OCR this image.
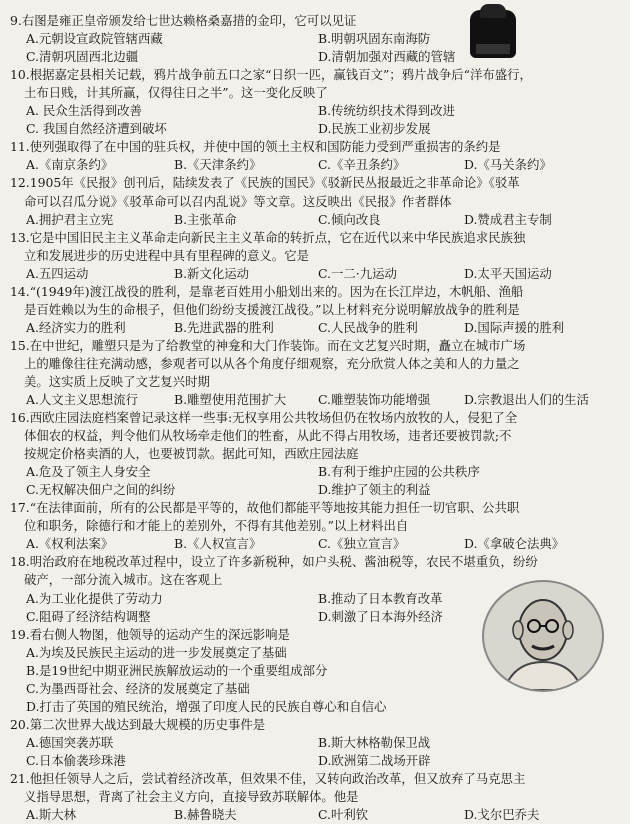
9.右图是雍正皇帝颁发给七世达赖格桑嘉措的金印，它可以见证
A.元朝设宣政院管辖西藏	B.明朝巩固东南海防
C.清朝巩固西北边疆	D.清朝加强对西藏的管辖
10.根据嘉定县相关记载，鸦片战争前五口之家“日织一匹，赢钱百文”；鸦片战争后“洋布盛行，
土布日贱，计其所赢，仅得往日之半”。这一变化反映了
A. 民众生活得到改善	B.传统纺织技术得到改进
C. 我国自然经济遭到破坏	D.民族工业初步发展
11.使列强取得了在中国的驻兵权，并使中国的领土主权和国防能力受到严重损害的条约是
A.《南京条约》	B.《天津条约》	C.《辛丑条约》	D.《马关条约》
12.1905年《民报》创刊后，陆续发表了《民族的国民》《驳新民丛报最近之非革命论》《驳革
命可以召瓜分说》《驳革命可以召内乱说》等文章。这反映出《民报》作者群体
A.拥护君主立宪	B.主张革命	C.倾向改良	D.赞成君主专制
13.它是中国旧民主主义革命走向新民主主义革命的转折点，它在近代以来中华民族追求民族独
立和发展进步的历史进程中具有里程碑的意义。它是
A.五四运动	B.新文化运动	C.一二·九运动	D.太平天国运动
14.“(1949年)渡江战役的胜利，是靠老百姓用小船划出来的。因为在长江岸边，木帆船、渔船
是百姓赖以为生的命根子，但他们纷纷支援渡江战役。”以上材料充分说明解放战争的胜利是
A.经济实力的胜利	B.先进武器的胜利	C.人民战争的胜利	D.国际声援的胜利
15.在中世纪，雕塑只是为了给教堂的神龛和大门作装饰。而在文艺复兴时期，矗立在城市广场
上的雕像往往充满动感，参观者可以从各个角度仔细观察，充分欣赏人体之美和人的力量之
美。这实质上反映了文艺复兴时期
A.人文主义思想流行	B.雕塑使用范围扩大	C.雕塑装饰功能增强	D.宗教退出人们的生活
16.西欧庄园法庭档案曾记录这样一些事:无权享用公共牧场但仍在牧场内放牧的人，侵犯了全
体佃农的权益，判令他们从牧场牵走他们的牲畜，从此不得占用牧场，违者还要被罚款;不
按规定价格卖酒的人，也要被罚款。据此可知，西欧庄园法庭
A.危及了领主人身安全	B.有利于维护庄园的公共秩序
C.无权解决佃户之间的纠纷	D.维护了领主的利益
17.“在法律面前，所有的公民都是平等的，故他们都能平等地按其能力担任一切官职、公共职
位和职务，除德行和才能上的差别外，不得有其他差别。”以上材料出自
A.《权利法案》	B.《人权宣言》	C.《独立宣言》	D.《拿破仑法典》
18.明治政府在地税改革过程中，设立了许多新税种，如户头税、酱油税等，农民不堪重负，纷纷
破产，一部分流入城市。这在客观上
A.为工业化提供了劳动力	B.推动了日本教育改革
C.阻碍了经济结构调整	D.刺激了日本海外经济
19.看右侧人物图，他领导的运动产生的深远影响是
A.为埃及民族民主运动的进一步发展奠定了基础
B.是19世纪中期亚洲民族解放运动的一个重要组成部分
C.为墨西哥社会、经济的发展奠定了基础
D.打击了英国的殖民统治，增强了印度人民的民族自尊心和自信心
20.第二次世界大战达到最大规模的历史事件是
A.德国突袭苏联	B.斯大林格勒保卫战
C.日本偷袭珍珠港	D.欧洲第二战场开辟
21.他担任领导人之后，尝试着经济改革，但效果不佳，又转向政治改革，但又放弃了马克思主
义指导思想，背离了社会主义方向，直接导致苏联解体。他是
A.斯大林	B.赫鲁晓夫	C.叶利钦	D.戈尔巴乔夫
